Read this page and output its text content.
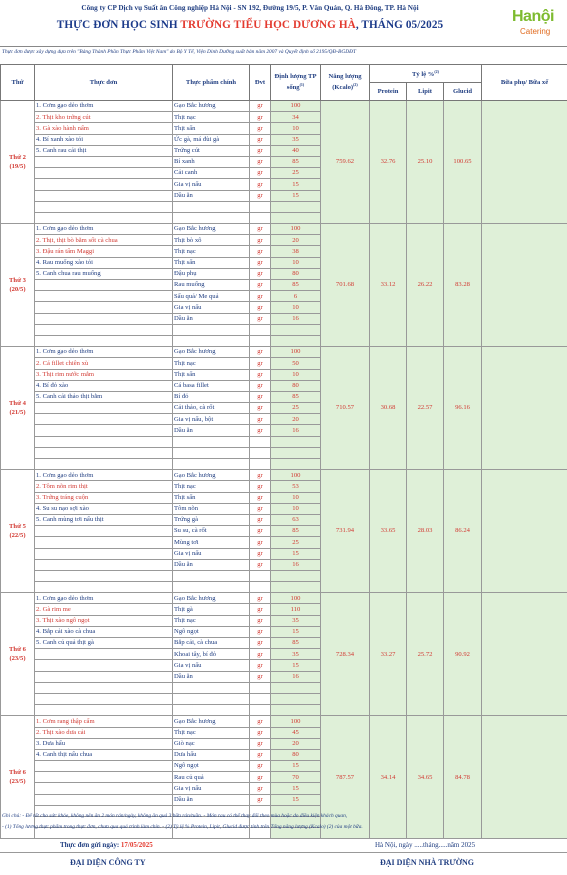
Công ty CP Dịch vụ Suất ăn Công nghiệp Hà Nội - SN 192, Đường 19/5, P. Văn Quán, Q. Hà Đông, TP. Hà Nội
THỰC ĐƠN HỌC SINH TRƯỜNG TIỂU HỌC DƯƠNG HÀ, THÁNG 05/2025	Hanội
Catering
Thực đơn được xây dựng dựa trên "Bảng Thành Phần Thực Phẩm Việt Nam" do Bộ Y Tế, Viện Dinh Dưỡng xuất bản năm 2007 và Quyết định số 2195/QĐ-BGDĐT
Thứ	Thực đơn	Thực phẩm chính	Đvt	Định lượng TP sống$^{(1)}$	Năng lượng (Kcalo)$^{(2)}$	Tỷ lệ %$^{(2)}$			Bữa phụ/ Bữa xế
						Protein	Lipit	Glucid	

Thứ 2
(19/5)	1. Cơm gạo dẻo thơm	Gạo Bắc hương	gr	100	759.62	32.76	25.10	100.65	
	2. Thịt kho trứng cút	Thịt nạc	gr	34					
	3. Gà xào hành nấm	Thịt sấn	gr	10					
	4. Bí xanh xào tỏi	Ức gà, má đùi gà	gr	35					
	5. Canh rau cải thịt	Trứng cút	gr	40					
		Bí xanh	gr	85					
		Cải canh	gr	25					
		Gia vị nấu	gr	15					
		Dầu ăn	gr	15					

Thứ 3
(20/5)	1. Cơm gạo dẻo thơm	Gạo Bắc hương	gr	100	701.68	33.12	26.22	83.28	
	2. Thịt, thịt bò băm sốt cà chua	Thịt bò xô	gr	20					
	3. Đậu rán tẩm Maggi	Thịt nạc	gr	38					
	4. Rau muống xào tỏi	Thịt sấn	gr	10					
	5. Canh chua rau muống	Đậu phụ	gr	80					
		Rau muống	gr	85					
		Sấu quả/ Me quả	gr	6					
		Gia vị nấu	gr	10					
		Dầu ăn	gr	16					

Thứ 4
(21/5)	1. Cơm gạo dẻo thơm	Gạo Bắc hương	gr	100	710.57	30.68	22.57	96.16	
	2. Cá fillet chiên xù	Thịt nạc	gr	50					
	3. Thịt rim nước mắm	Thịt sấn	gr	10					
	4. Bí đỏ xào	Cá basa fillet	gr	80					
	5. Canh cải thảo thịt bằm	Bí đỏ	gr	85					
		Cải thảo, cà rốt	gr	25					
		Gia vị nấu, bột	gr	20					
		Dầu ăn	gr	16					

Thứ 5
(22/5)	1. Cơm gạo dẻo thơm	Gạo Bắc hương	gr	100	731.94	33.65	28.03	86.24	
	2. Tôm nõn rim thịt	Thịt nạc	gr	53					
	3. Trứng tráng cuộn	Thịt sấn	gr	10					
	4. Su su nạo sợi xào	Tôm nõn	gr	10					
	5. Canh mùng tơi nấu thịt	Trứng gà	gr	63					
		Su su, cà rốt	gr	85					
		Mùng tơi	gr	25					
		Gia vị nấu	gr	15					
		Dầu ăn	gr	16					

Thứ 6
(23/5)	1. Cơm gạo dẻo thơm	Gạo Bắc hương	gr	100	728.34	33.27	25.72	90.92	
	2. Gà rim me	Thịt gà	gr	110					
	3. Thịt xào ngô ngọt	Thịt nạc	gr	35					
	4. Bắp cải xào cà chua	Ngô ngọt	gr	15					
	5. Canh củ quả thịt gà	Bắp cải, cà chua	gr	85					
		Khoai tây, bí đỏ	gr	35					
		Gia vị nấu	gr	15					
		Dầu ăn	gr	16					

Thứ 6
(23/5)	1. Cơm rang thập cẩm	Gạo Bắc hương	gr	100	787.57	34.14	34.65	84.78	
	2. Thịt xào dưa cải	Thịt nạc	gr	45					
	3. Dưa hấu	Giò nạc	gr	20					
	4. Canh thịt nấu chua	Dưa hấu	gr	80					
		Ngô ngọt	gr	15					
		Rau củ quả	gr	70					
		Gia vị nấu	gr	15					
		Dầu ăn	gr	15					

Ghi chú: - Để tốt cho sức khỏe, không nên ăn 2 món rán/ngày, không ăn quá 3 bữa rán/tuần. - Món rau có thể thay đổi theo mùa hoặc do điều kiện khách quan,
- (1) Tổng lương thực phẩm trong thực đơn, chưa qua quá trình làm chín. - (2) Tỷ lệ % Protein, Lipit, Glucid được tính trên Tổng năng lượng (Kcalo) (2) của một bữa.
Thực đơn gửi ngày: 17/05/2025	Hà Nội, ngày .....tháng.....năm 2025
ĐẠI DIỆN CÔNG TY	ĐẠI DIỆN NHÀ TRƯỜNG
